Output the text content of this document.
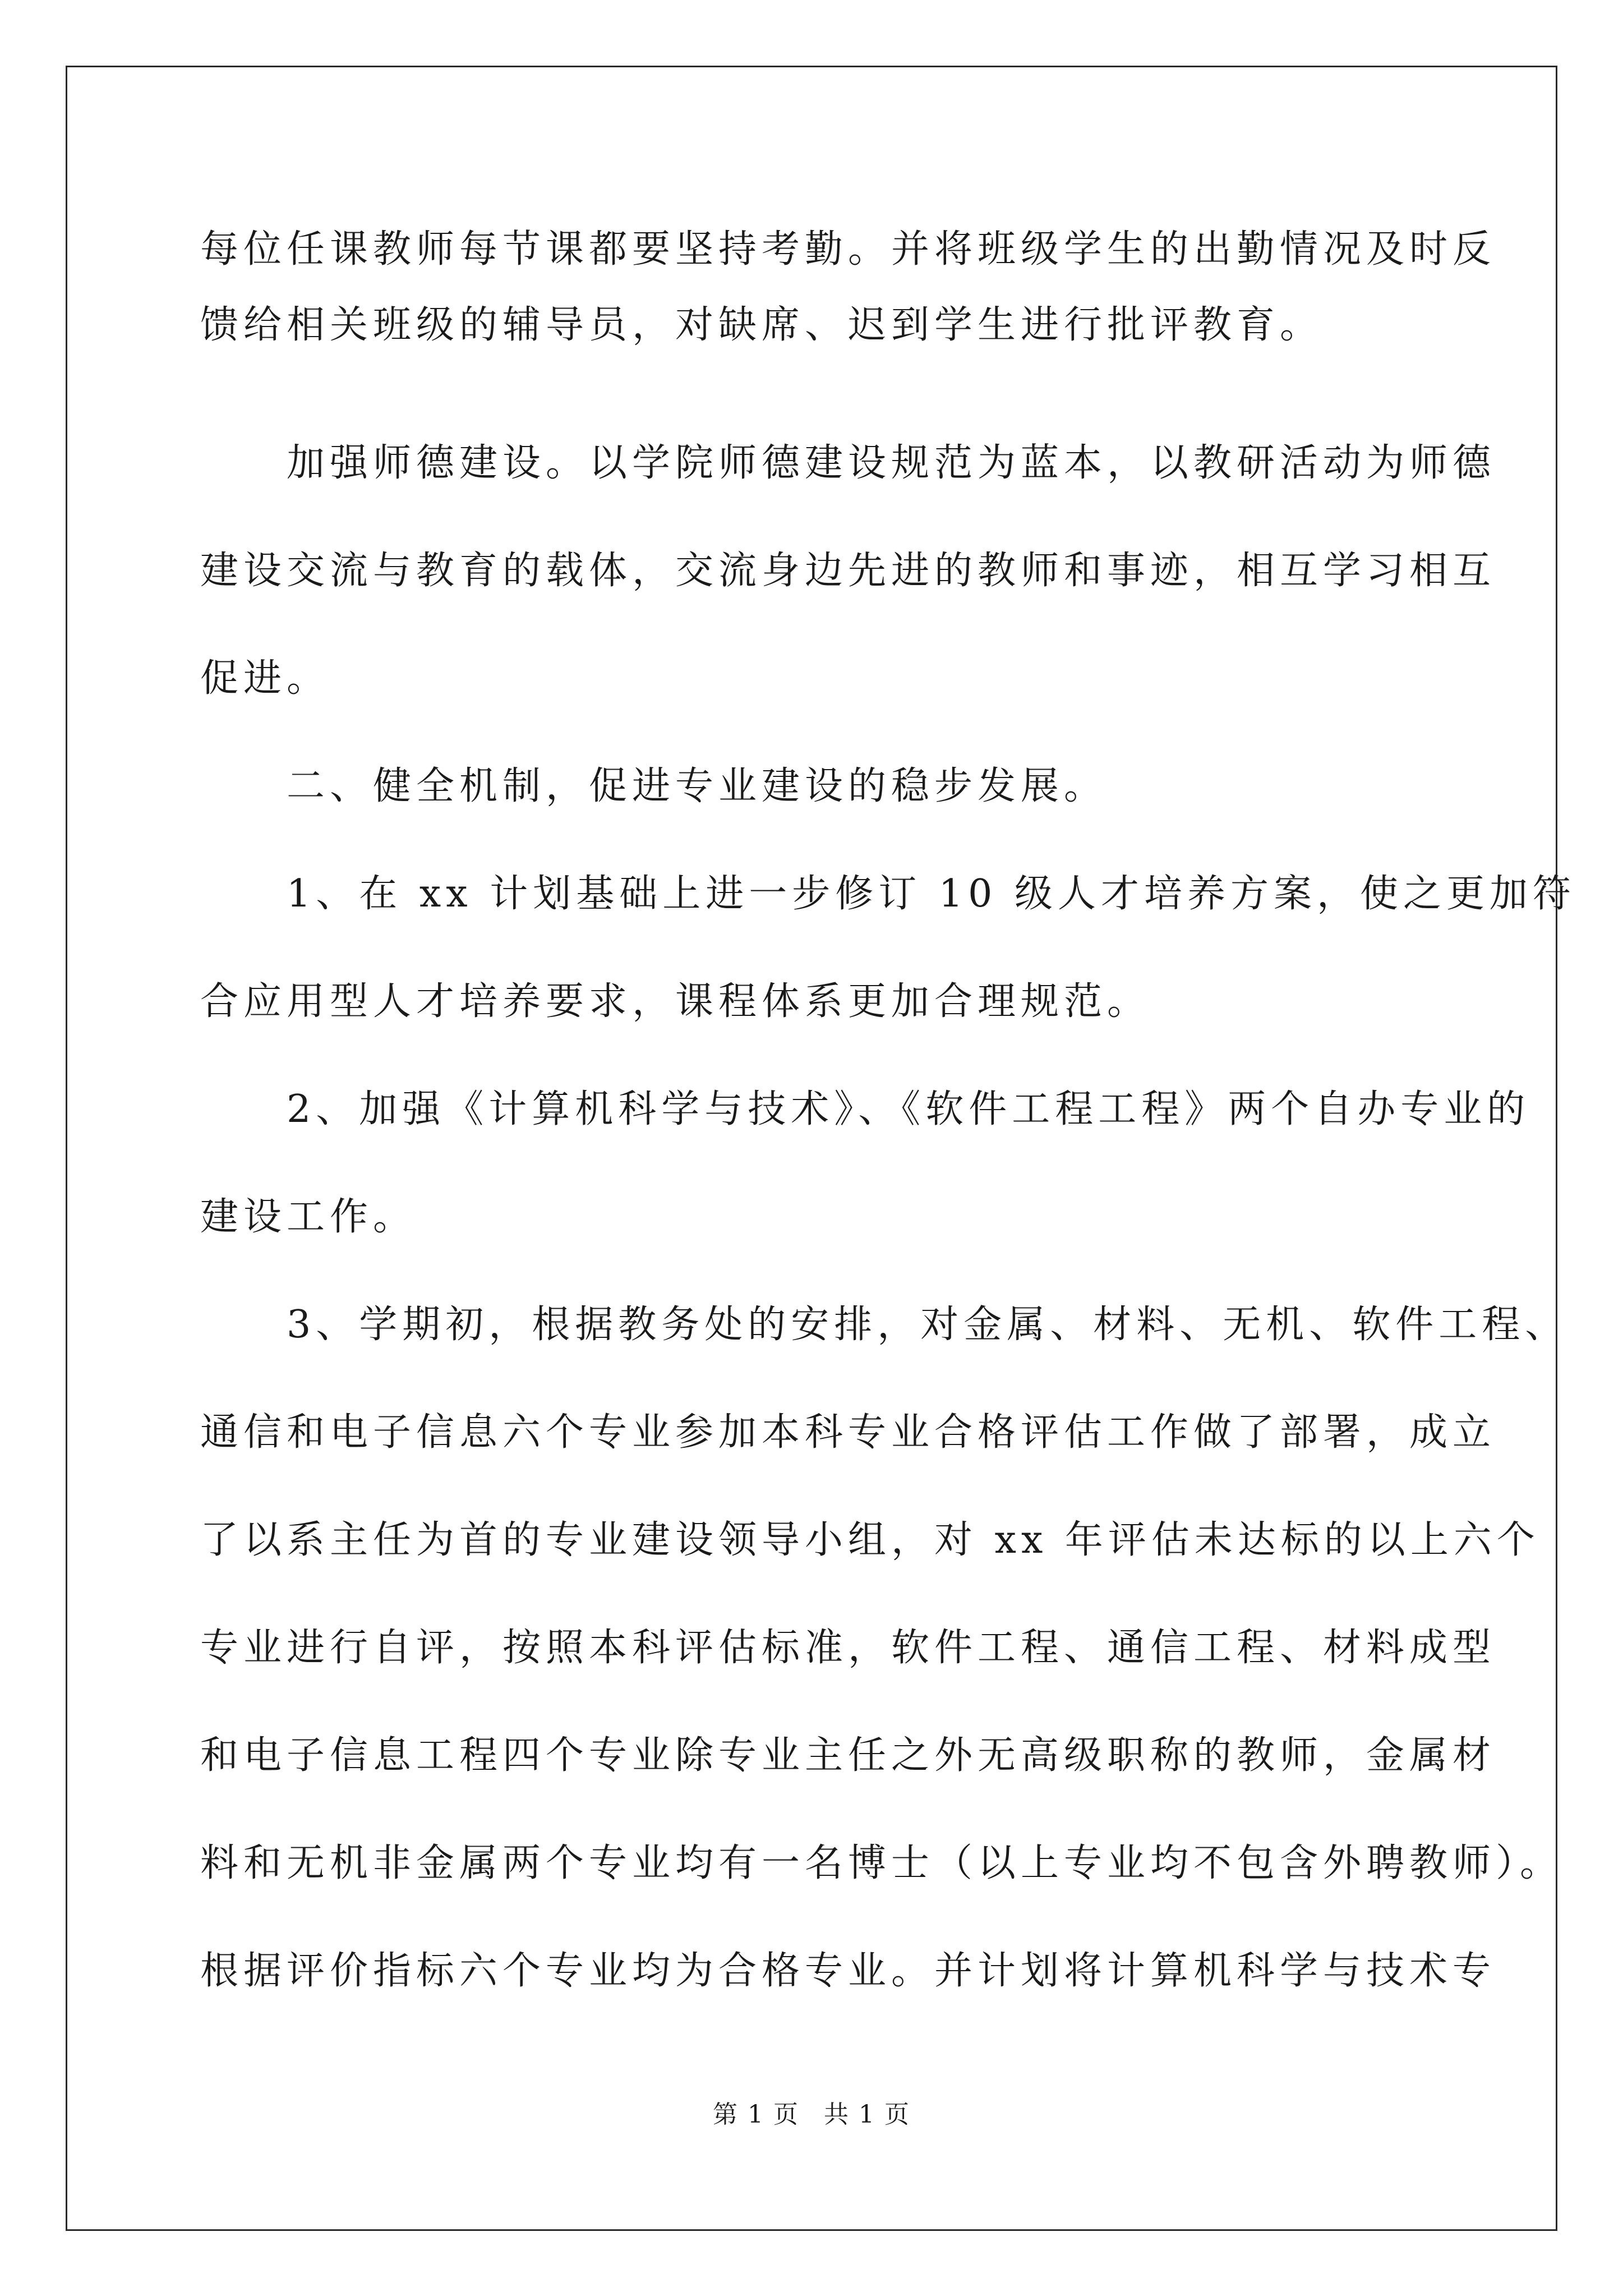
每位任课教师每节课都要坚持考勤。并将班级学生的出勤情况及时反
馈给相关班级的辅导员，对缺席、迟到学生进行批评教育。
　　加强师德建设。以学院师德建设规范为蓝本，以教研活动为师德
建设交流与教育的载体，交流身边先进的教师和事迹，相互学习相互
促进。
　　二、健全机制，促进专业建设的稳步发展。
　　1、在 xx 计划基础上进一步修订 10 级人才培养方案，使之更加符
合应用型人才培养要求，课程体系更加合理规范。
　　2、加强《计算机科学与技术》、《软件工程工程》两个自办专业的
建设工作。
　　3、学期初，根据教务处的安排，对金属、材料、无机、软件工程、
通信和电子信息六个专业参加本科专业合格评估工作做了部署，成立
了以系主任为首的专业建设领导小组，对 xx 年评估未达标的以上六个
专业进行自评，按照本科评估标准，软件工程、通信工程、材料成型
和电子信息工程四个专业除专业主任之外无高级职称的教师，金属材
料和无机非金属两个专业均有一名博士（以上专业均不包含外聘教师）。
根据评价指标六个专业均为合格专业。并计划将计算机科学与技术专
第 1 页 共 1 页
